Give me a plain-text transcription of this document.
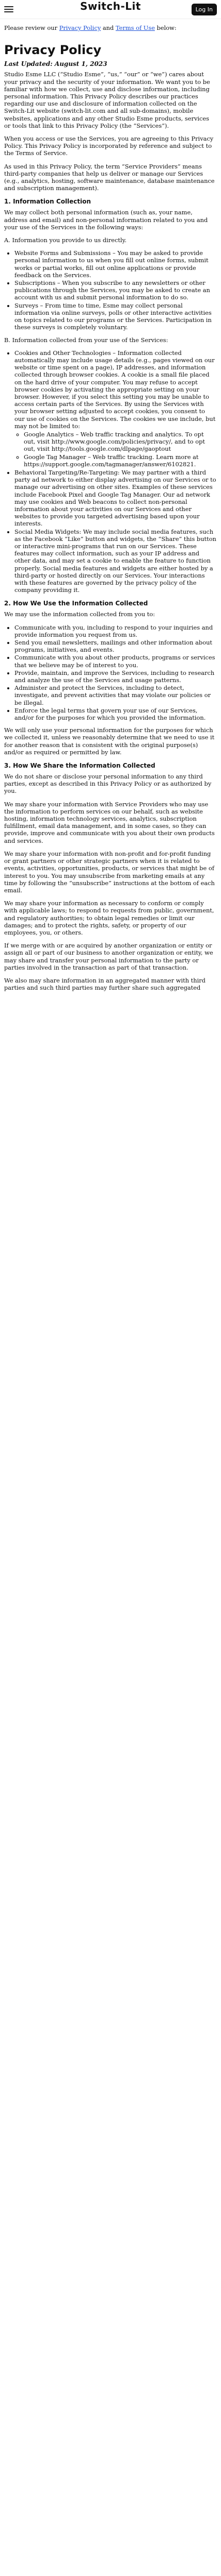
Switch-Lit	Log In

Please review our Privacy Policy and Terms of Use below:

Privacy Policy

Last Updated: August 1, 2023

Studio Esme LLC (“Studio Esme”, “us,” “our” or “we”) cares about your privacy and the security of your information. We want you to be familiar with how we collect, use and disclose information, including personal information. This Privacy Policy describes our practices regarding our use and disclosure of information collected on the Switch-Lit website (switch-lit.com and all sub-domains), mobile websites, applications and any other Studio Esme products, services or tools that link to this Privacy Policy (the “Services”).

When you access or use the Services, you are agreeing to this Privacy Policy. This Privacy Policy is incorporated by reference and subject to the Terms of Service.

As used in this Privacy Policy, the term “Service Providers” means third-party companies that help us deliver or manage our Services (e.g., analytics, hosting, software maintenance, database maintenance and subscription management).

1. Information Collection

We may collect both personal information (such as, your name, address and email) and non-personal information related to you and your use of the Services in the following ways:

A. Information you provide to us directly.

• Website Forms and Submissions – You may be asked to provide personal information to us when you fill out online forms, submit works or partial works, fill out online applications or provide feedback on the Services.
• Subscriptions – When you subscribe to any newsletters or other publications through the Services, you may be asked to create an account with us and submit personal information to do so.
• Surveys – From time to time, Esme may collect personal information via online surveys, polls or other interactive activities on topics related to our programs or the Services. Participation in these surveys is completely voluntary.

B. Information collected from your use of the Services:

• Cookies and Other Technologies – Information collected automatically may include usage details (e.g., pages viewed on our website or time spent on a page), IP addresses, and information collected through browser cookies. A cookie is a small file placed on the hard drive of your computer. You may refuse to accept browser cookies by activating the appropriate setting on your browser. However, if you select this setting you may be unable to access certain parts of the Services. By using the Services with your browser setting adjusted to accept cookies, you consent to our use of cookies on the Services. The cookies we use include, but may not be limited to:
◦ Google Analytics – Web traffic tracking and analytics. To opt out, visit http://www.google.com/policies/privacy/, and to opt out, visit http://tools.google.com/dlpage/gaoptout
◦ Google Tag Manager – Web traffic tracking. Learn more at https://support.google.com/tagmanager/answer/6102821.
• Behavioral Targeting/Re-Targeting: We may partner with a third party ad network to either display advertising on our Services or to manage our advertising on other sites. Examples of these services include Facebook Pixel and Google Tag Manager. Our ad network may use cookies and Web beacons to collect non-personal information about your activities on our Services and other websites to provide you targeted advertising based upon your interests.
• Social Media Widgets: We may include social media features, such as the Facebook “Like” button and widgets, the “Share” this button or interactive mini-programs that run on our Services. These features may collect information, such as your IP address and other data, and may set a cookie to enable the feature to function properly. Social media features and widgets are either hosted by a third-party or hosted directly on our Services. Your interactions with these features are governed by the privacy policy of the company providing it.
2. How We Use the Information Collected

We may use the information collected from you to:

• Communicate with you, including to respond to your inquiries and provide information you request from us.
• Send you email newsletters, mailings and other information about programs, initiatives, and events.
• Communicate with you about other products, programs or services that we believe may be of interest to you.
• Provide, maintain, and improve the Services, including to research and analyze the use of the Services and usage patterns.
• Administer and protect the Services, including to detect, investigate, and prevent activities that may violate our policies or be illegal.
• Enforce the legal terms that govern your use of our Services, and/or for the purposes for which you provided the information.

We will only use your personal information for the purposes for which we collected it, unless we reasonably determine that we need to use it for another reason that is consistent with the original purpose(s) and/or as required or permitted by law.

3. How We Share the Information Collected

We do not share or disclose your personal information to any third parties, except as described in this Privacy Policy or as authorized by you.

We may share your information with Service Providers who may use the information to perform services on our behalf, such as website hosting, information technology services, analytics, subscription fulfillment, email data management, and in some cases, so they can provide, improve and communicate with you about their own products and services.

We may share your information with non-profit and for-profit funding or grant partners or other strategic partners when it is related to events, activities, opportunities, products, or services that might be of interest to you. You may unsubscribe from marketing emails at any time by following the “unsubscribe” instructions at the bottom of each email.

We may share your information as necessary to conform or comply with applicable laws; to respond to requests from public, government, and regulatory authorities; to obtain legal remedies or limit our damages; and to protect the rights, safety, or property of our employees, you, or others.

If we merge with or are acquired by another organization or entity or assign all or part of our business to another organization or entity, we may share and transfer your personal information to the party or parties involved in the transaction as part of that transaction.

We also may share information in an aggregated manner with third parties and such third parties may further share such aggregated
